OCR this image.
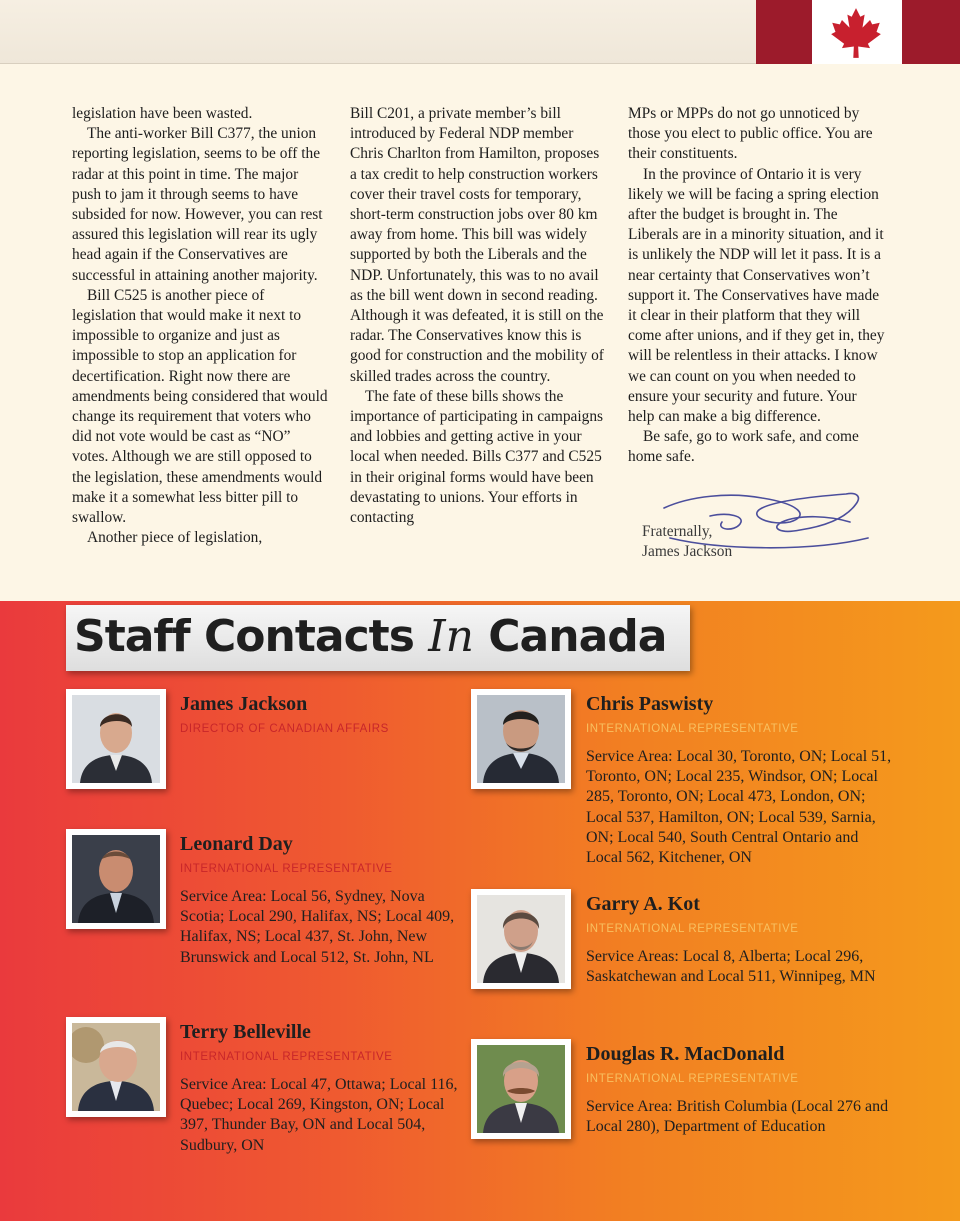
legislation have been wasted.

The anti-worker Bill C377, the union reporting legislation, seems to be off the radar at this point in time. The major push to jam it through seems to have subsided for now. However, you can rest assured this legislation will rear its ugly head again if the Conservatives are successful in attaining another majority.

Bill C525 is another piece of legislation that would make it next to impossible to organize and just as impossible to stop an application for decertification. Right now there are amendments being considered that would change its requirement that voters who did not vote would be cast as “NO” votes. Although we are still opposed to the legislation, these amendments would make it a somewhat less bitter pill to swallow.

Another piece of legislation,

Bill C201, a private member’s bill introduced by Federal NDP member Chris Charlton from Hamilton, proposes a tax credit to help construction workers cover their travel costs for temporary, short-term construction jobs over 80 km away from home. This bill was widely supported by both the Liberals and the NDP. Unfortunately, this was to no avail as the bill went down in second reading. Although it was defeated, it is still on the radar. The Conservatives know this is good for construction and the mobility of skilled trades across the country.

The fate of these bills shows the importance of participating in campaigns and lobbies and getting active in your local when needed. Bills C377 and C525 in their original forms would have been devastating to unions. Your efforts in contacting

MPs or MPPs do not go unnoticed by those you elect to public office. You are their constituents.

In the province of Ontario it is very likely we will be facing a spring election after the budget is brought in. The Liberals are in a minority situation, and it is unlikely the NDP will let it pass. It is a near certainty that Conservatives won’t support it. The Conservatives have made it clear in their platform that they will come after unions, and if they get in, they will be relentless in their attacks. I know we can count on you when needed to ensure your security and future. Your help can make a big difference.

Be safe, go to work safe, and come home safe.

Fraternally,
James Jackson
Staff Contacts In Canada
James Jackson
DIRECTOR OF CANADIAN AFFAIRS
Chris Paswisty
INTERNATIONAL REPRESENTATIVE
Service Area: Local 30, Toronto, ON; Local 51, Toronto, ON; Local 235, Windsor, ON; Local 285, Toronto, ON; Local 473, London, ON; Local 537, Hamilton, ON; Local 539, Sarnia, ON; Local 540, South Central Ontario and Local 562, Kitchener, ON
Leonard Day
INTERNATIONAL REPRESENTATIVE
Service Area: Local 56, Sydney, Nova Scotia; Local 290, Halifax, NS; Local 409, Halifax, NS; Local 437, St. John, New Brunswick and Local 512, St. John, NL
Garry A. Kot
INTERNATIONAL REPRESENTATIVE
Service Areas: Local 8, Alberta; Local 296, Saskatchewan and Local 511, Winnipeg, MN
Terry Belleville
INTERNATIONAL REPRESENTATIVE
Service Area: Local 47, Ottawa; Local 116, Quebec; Local 269, Kingston, ON; Local 397, Thunder Bay, ON and Local 504, Sudbury, ON
Douglas R. MacDonald
INTERNATIONAL REPRESENTATIVE
Service Area: British Columbia (Local 276 and Local 280), Department of Education
